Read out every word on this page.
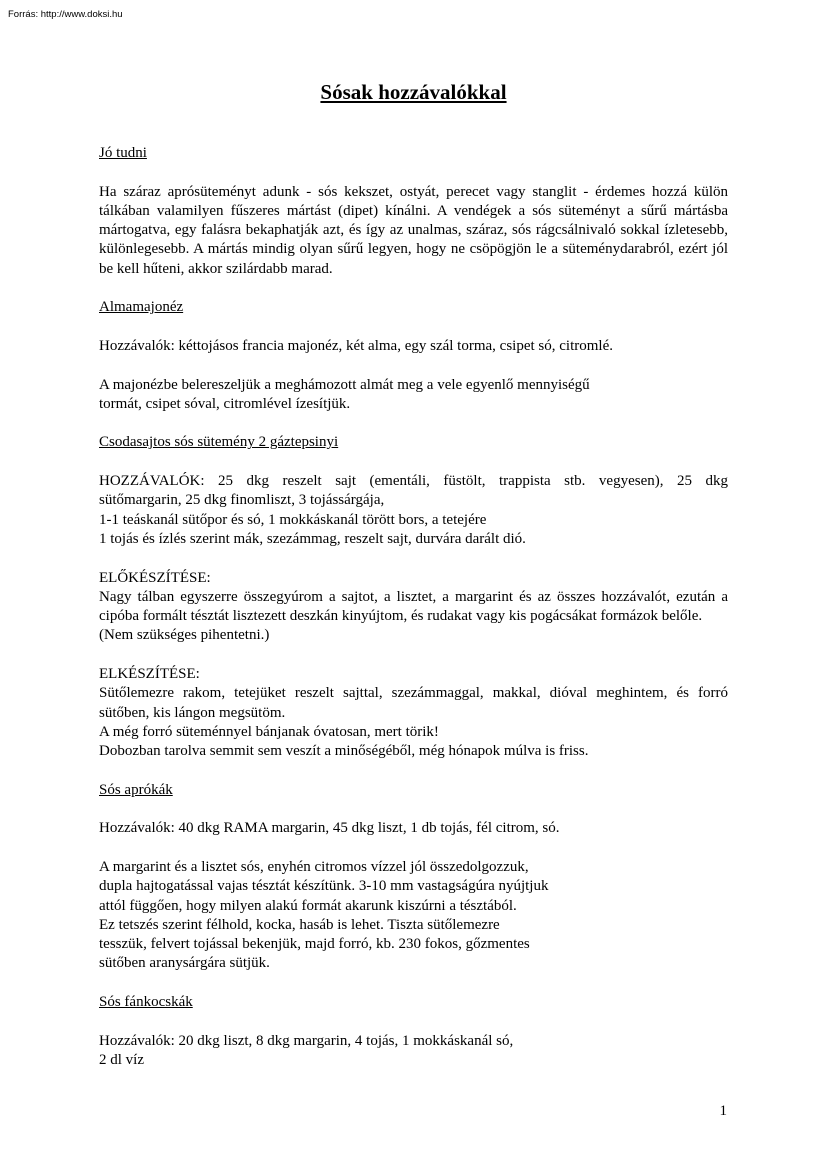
Forrás: http://www.doksi.hu
Sósak hozzávalókkal

Jó tudni

Ha száraz aprósüteményt adunk - sós kekszet, ostyát, perecet vagy stanglit - érdemes hozzá külön tálkában valamilyen fűszeres mártást (dipet) kínálni. A vendégek a sós süteményt a sűrű mártásba mártogatva, egy falásra bekaphatják azt, és így az unalmas, száraz, sós rágcsálnivaló sokkal ízletesebb, különlegesebb. A mártás mindig olyan sűrű legyen, hogy ne csöpögjön le a süteménydarabról, ezért jól be kell hűteni, akkor szilárdabb marad.

Almamajonéz

Hozzávalók: kéttojásos francia majonéz, két alma, egy szál torma, csipet só, citromlé.

A majonézbe belereszeljük a meghámozott almát meg a vele egyenlő mennyiségű

tormát, csipet sóval, citromlével ízesítjük.

Csodasajtos sós sütemény 2 gáztepsinyi

HOZZÁVALÓK: 25 dkg reszelt sajt (ementáli, füstölt, trappista stb. vegyesen), 25 dkg

sütőmargarin, 25 dkg finomliszt, 3 tojássárgája,

1-1 teáskanál sütőpor és só, 1 mokkáskanál törött bors, a tetejére

1 tojás és ízlés szerint mák, szezámmag, reszelt sajt, durvára darált dió.

ELŐKÉSZÍTÉSE:

Nagy tálban egyszerre összegyúrom a sajtot, a lisztet, a margarint és az összes hozzávalót, ezután a cipóba formált tésztát lisztezett deszkán kinyújtom, és rudakat vagy kis pogácsákat formázok belőle.

(Nem szükséges pihentetni.)

ELKÉSZÍTÉSE:

Sütőlemezre rakom, tetejüket reszelt sajttal, szezámmaggal, makkal, dióval meghintem, és forró sütőben, kis lángon megsütöm.

A még forró süteménnyel bánjanak óvatosan, mert törik!

Dobozban tarolva semmit sem veszít a minőségéből, még hónapok múlva is friss.

Sós aprókák

Hozzávalók: 40 dkg RAMA margarin, 45 dkg liszt, 1 db tojás, fél citrom, só.

A margarint és a lisztet sós, enyhén citromos vízzel jól összedolgozzuk,

dupla hajtogatással vajas tésztát készítünk. 3-10 mm vastagságúra nyújtjuk

attól függően, hogy milyen alakú formát akarunk kiszúrni a tésztából.

Ez tetszés szerint félhold, kocka, hasáb is lehet. Tiszta sütőlemezre

tesszük, felvert tojással bekenjük, majd forró, kb. 230 fokos, gőzmentes

sütőben aranysárgára sütjük.

Sós fánkocskák

Hozzávalók: 20 dkg liszt, 8 dkg margarin, 4 tojás, 1 mokkáskanál só,

2 dl víz

1
